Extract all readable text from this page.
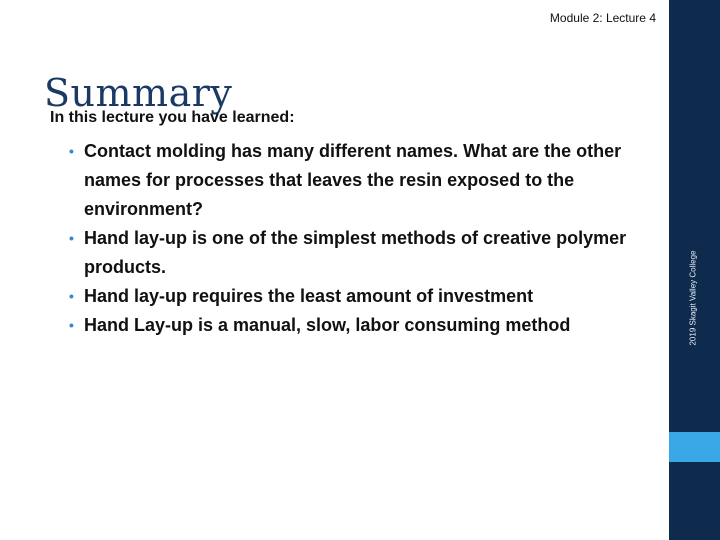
Module 2: Lecture 4
Summary
In this lecture you have learned:
• Contact molding has many different names. What are the other names for processes that leaves the resin exposed to the environment?
• Hand lay-up is one of the simplest methods of creative polymer products.
• Hand lay-up requires the least amount of investment
• Hand Lay-up is a manual, slow, labor consuming method	2019 Skagit Valley College
